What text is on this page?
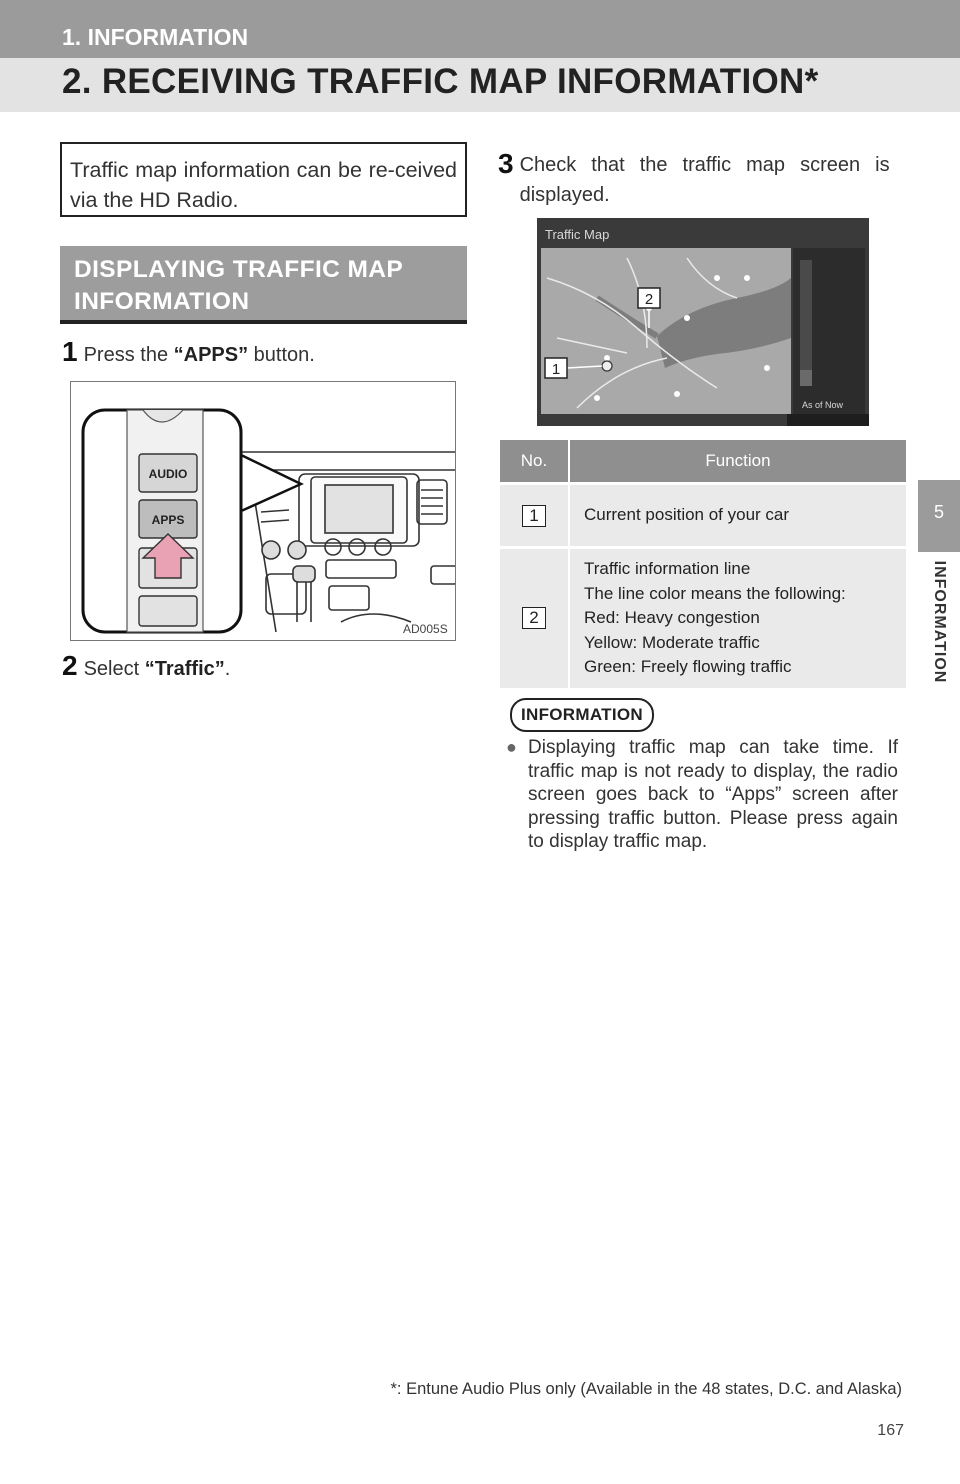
1. INFORMATION
2. RECEIVING TRAFFIC MAP INFORMATION*
5
INFORMATION
Traffic map information can be re-ceived via the HD Radio.
DISPLAYING TRAFFIC MAP
INFORMATION
1 Press the “APPS” button.
AUDIO
APPS
AD005S
2 Select “Traffic”.
3 Check that the traffic map screen is displayed.
Traffic Map
As of Now
2
1
No.	Function
1	Current position of your car

2	Traffic information line
The line color means the following:
Red: Heavy congestion
Yellow: Moderate traffic
Green: Freely flowing traffic
INFORMATION
● Displaying traffic map can take time. If traffic map is not ready to display, the radio screen goes back to “Apps” screen after pressing traffic button. Please press again to display traffic map.
*: Entune Audio Plus only (Available in the 48 states, D.C. and Alaska)
167
